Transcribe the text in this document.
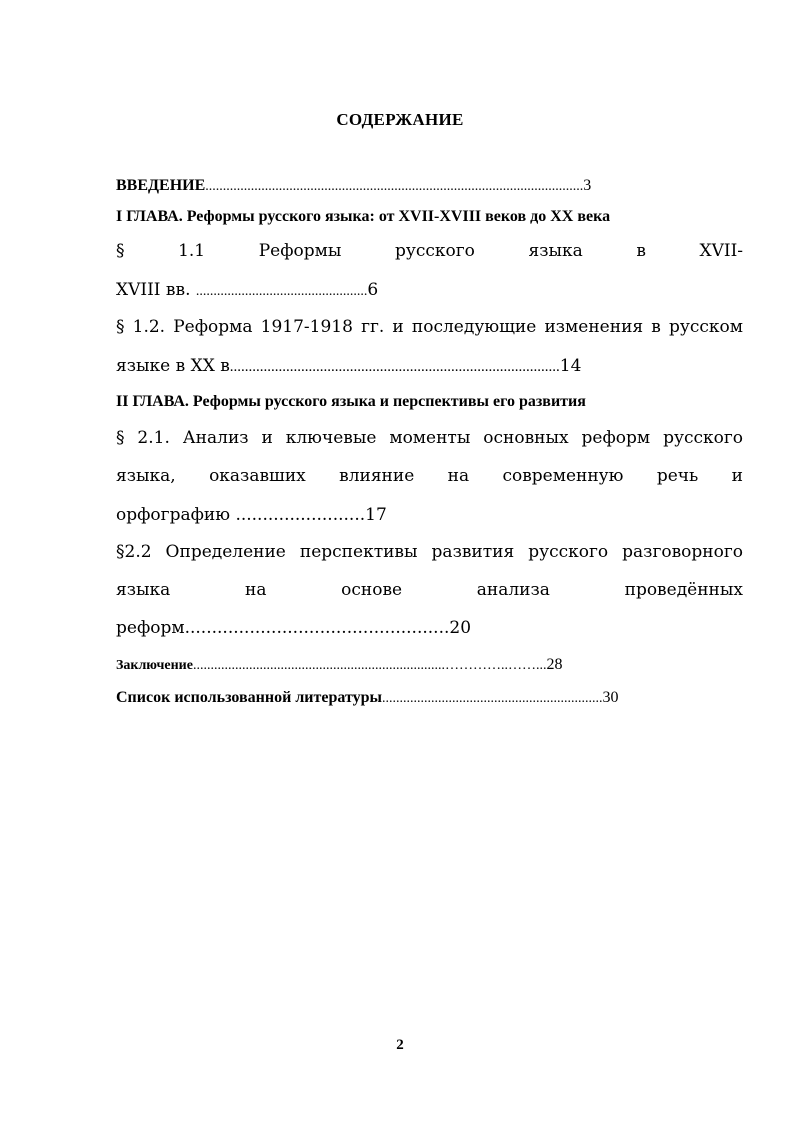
СОДЕРЖАНИЕ
ВВЕДЕНИЕ............................................................................................................3
I ГЛАВА. Реформы русского языка: от XVII-XVIII веков до XX века
§	1.1	Реформы	русского	языка	в XVII-
XVIII вв. .................................................6
§ 1.2. Реформа 1917-1918 гг. и последующие изменения в русском
языке в XX в........................................................................................14
II ГЛАВА. Реформы русского языка и перспективы его развития
§ 2.1. Анализ и ключевые моменты основных реформ русского
языка, оказавших влияние на современную речь и
орфографию ........................17
§2.2 Определение перспективы развития русского разговорного
языка	на	основе	анализа	проведённых
реформ.................................................20
Заключение........................................................................…………..……...28
Список использованной литературы...............................................................30
2
